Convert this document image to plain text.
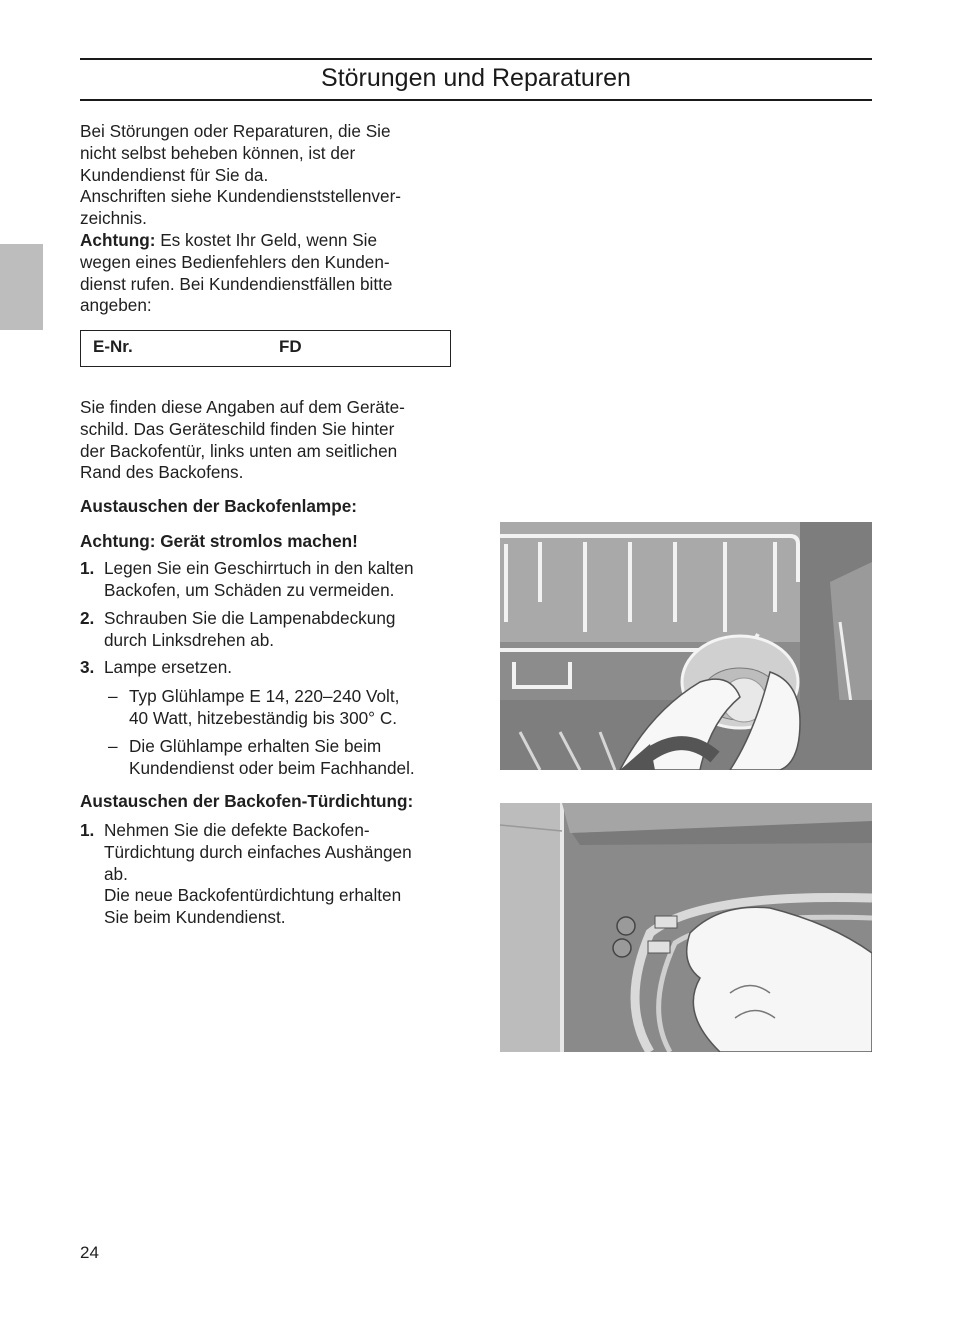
Störungen und Reparaturen

Bei Störungen oder Reparaturen, die Sie

nicht selbst beheben können, ist der

Kundendienst für Sie da.

Anschriften siehe Kundendienststellenver-

zeichnis.

Achtung: Es kostet Ihr Geld, wenn Sie

wegen eines Bedienfehlers den Kunden-

dienst rufen. Bei Kundendienstfällen bitte

angeben:

E-Nr.	FD

Sie finden diese Angaben auf dem Geräte-

schild. Das Geräteschild finden Sie hinter

der Backofentür, links unten am seitlichen

Rand des Backofens.

Austauschen der Backofenlampe:

Achtung: Gerät stromlos machen!

1. Legen Sie ein Geschirrtuch in den kalten

Backofen, um Schäden zu vermeiden.

2. Schrauben Sie die Lampenabdeckung

durch Linksdrehen ab.

3. Lampe ersetzen.

– Typ Glühlampe E 14, 220–240 Volt,

40 Watt, hitzebeständig bis 300° C.

– Die Glühlampe erhalten Sie beim

Kundendienst oder beim Fachhandel.

Austauschen der Backofen-Türdichtung:

1. Nehmen Sie die defekte Backofen-

Türdichtung durch einfaches Aushängen

ab.

Die neue Backofentürdichtung erhalten

Sie beim Kundendienst.

24
